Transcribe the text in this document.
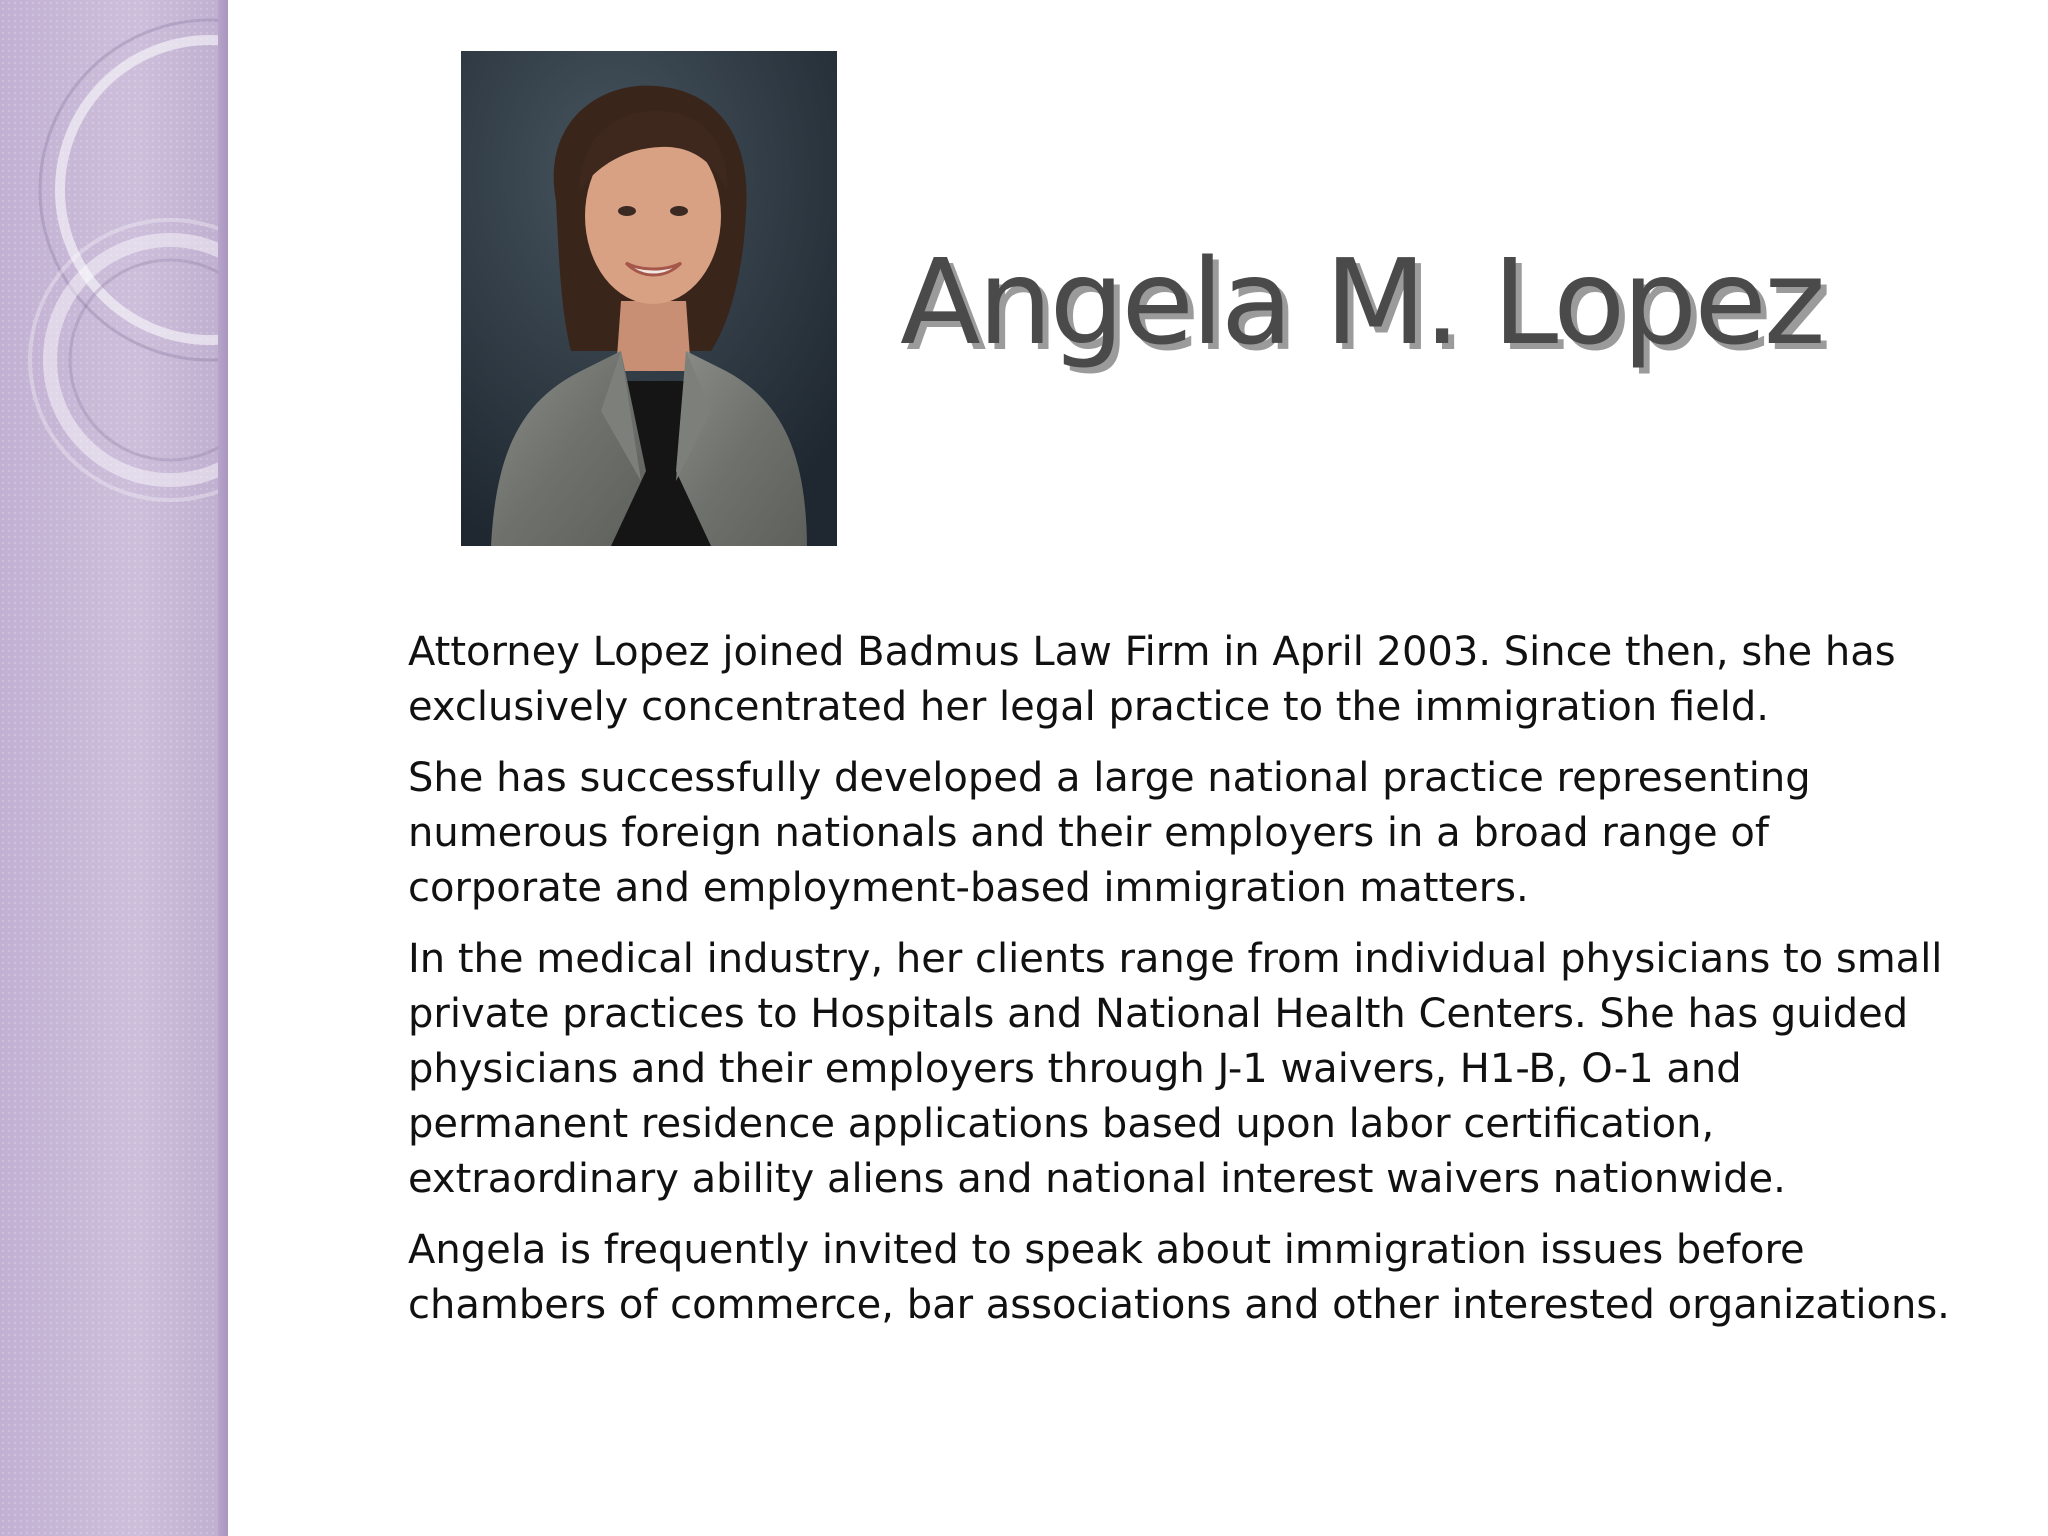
Angela M. Lopez

Attorney Lopez joined Badmus Law Firm in April 2003. Since then, she has exclusively concentrated her legal practice to the immigration field.

She has successfully developed a large national practice representing numerous foreign nationals and their employers in a broad range of corporate and employment-based immigration matters.

In the medical industry, her clients range from individual physicians to small private practices to Hospitals and National Health Centers. She has guided physicians and their employers through J-1 waivers, H1-B, O-1 and permanent residence applications based upon labor certification, extraordinary ability aliens and national interest waivers nationwide.

Angela is frequently invited to speak about immigration issues before chambers of commerce, bar associations and other interested organizations.
